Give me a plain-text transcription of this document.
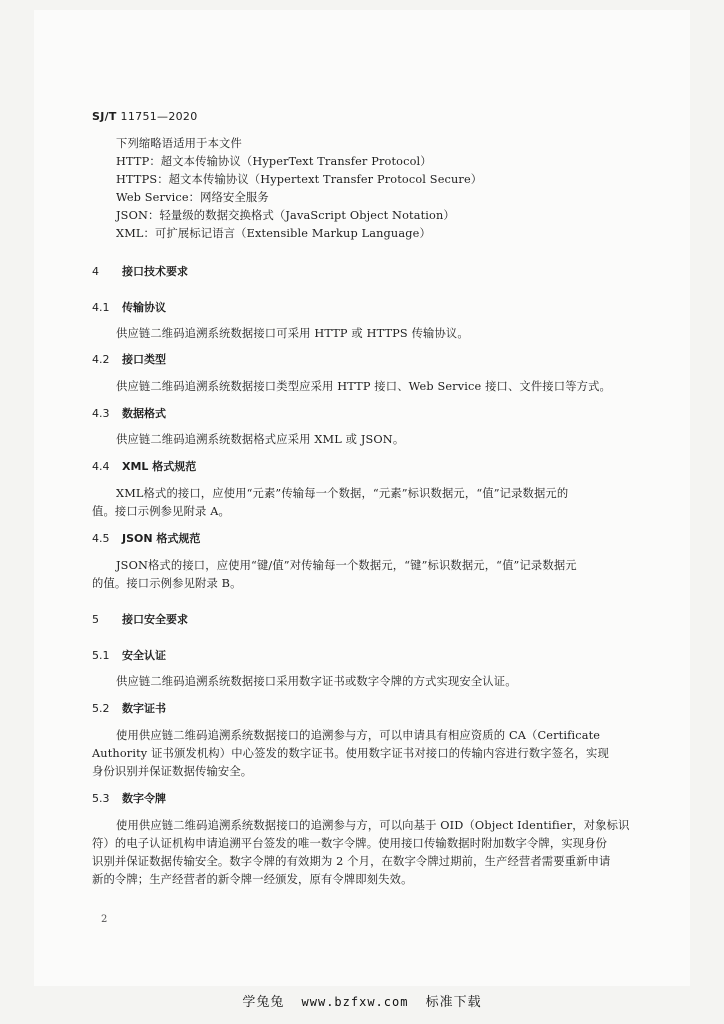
SJ/T 11751—2020
下列缩略语适用于本文件
HTTP：超文本传输协议（HyperText Transfer Protocol）
HTTPS：超文本传输协议（Hypertext Transfer Protocol Secure）
Web Service：网络安全服务
JSON：轻量级的数据交换格式（JavaScript Object Notation）
XML：可扩展标记语言（Extensible Markup Language）
4 接口技术要求
4.1 传输协议
供应链二维码追溯系统数据接口可采用 HTTP 或 HTTPS 传输协议。
4.2 接口类型
供应链二维码追溯系统数据接口类型应采用 HTTP 接口、Web Service 接口、文件接口等方式。
4.3 数据格式
供应链二维码追溯系统数据格式应采用 XML 或 JSON。
4.4 XML 格式规范
XML格式的接口，应使用“元素”传输每一个数据，“元素”标识数据元，“值”记录数据元的
值。接口示例参见附录 A。
4.5 JSON 格式规范
JSON格式的接口，应使用“键/值”对传输每一个数据元，“键”标识数据元，“值”记录数据元
的值。接口示例参见附录 B。
5 接口安全要求
5.1 安全认证
供应链二维码追溯系统数据接口采用数字证书或数字令牌的方式实现安全认证。
5.2 数字证书
使用供应链二维码追溯系统数据接口的追溯参与方，可以申请具有相应资质的 CA（Certificate
Authority 证书颁发机构）中心签发的数字证书。使用数字证书对接口的传输内容进行数字签名，实现
身份识别并保证数据传输安全。
5.3 数字令牌
使用供应链二维码追溯系统数据接口的追溯参与方，可以向基于 OID（Object Identifier，对象标识
符）的电子认证机构申请追溯平台签发的唯一数字令牌。使用接口传输数据时附加数字令牌，实现身份
识别并保证数据传输安全。数字令牌的有效期为 2 个月，在数字令牌过期前，生产经营者需要重新申请
新的令牌；生产经营者的新令牌一经颁发，原有令牌即刻失效。
2
学兔兔 www.bzfxw.com 标准下载
